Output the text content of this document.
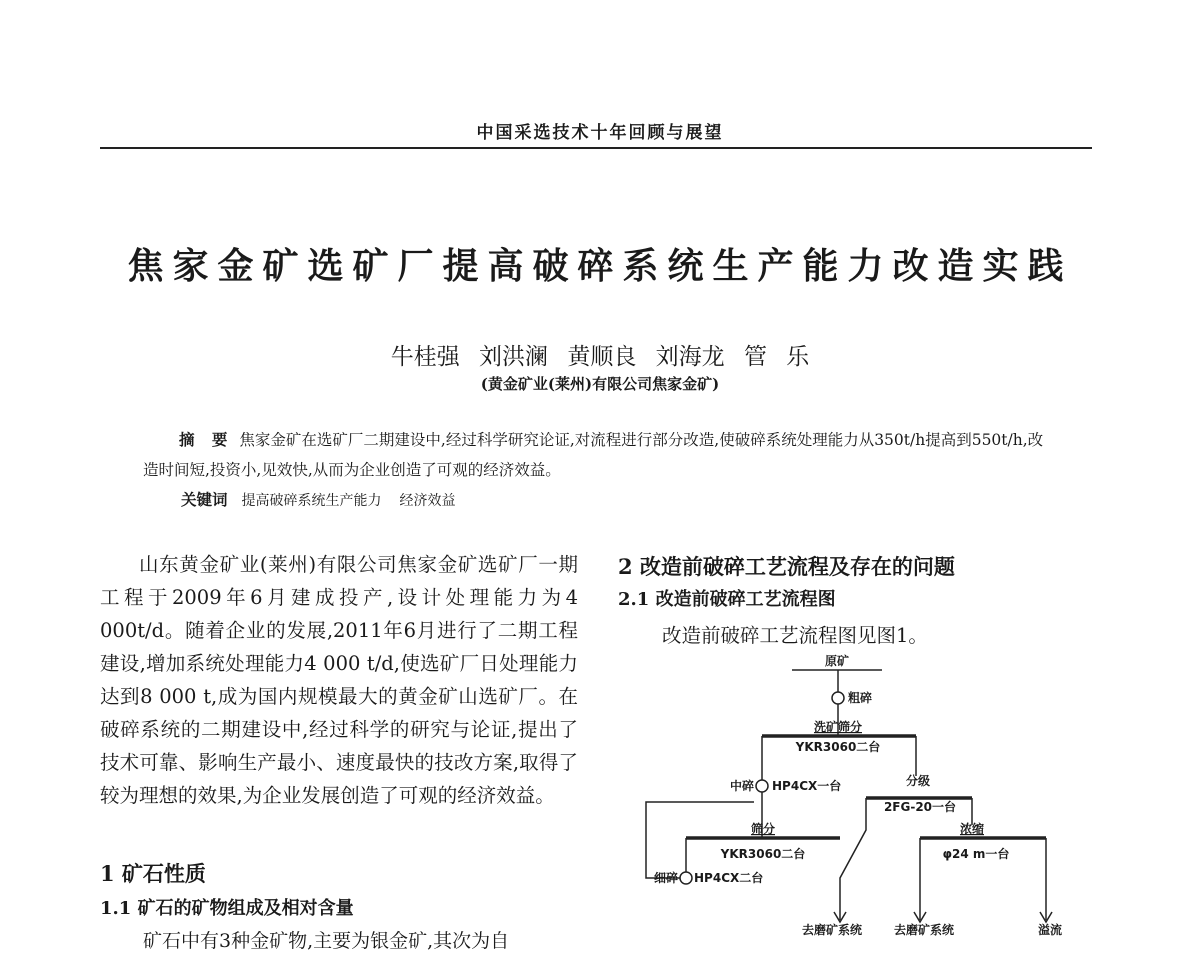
中国采选技术十年回顾与展望
焦家金矿选矿厂提高破碎系统生产能力改造实践
牛桂强 刘洪澜 黄顺良 刘海龙 管 乐
(黄金矿业(莱州)有限公司焦家金矿)
摘 要 焦家金矿在选矿厂二期建设中,经过科学研究论证,对流程进行部分改造,使破碎系统处理能力从350t/h提高到550t/h,改造时间短,投资小,见效快,从而为企业创造了可观的经济效益。
关键词 提高破碎系统生产能力 经济效益

山东黄金矿业(莱州)有限公司焦家金矿选矿厂一期工程于2009年6月建成投产,设计处理能力为4 000t/d。随着企业的发展,2011年6月进行了二期工程建设,增加系统处理能力4 000 t/d,使选矿厂日处理能力达到8 000 t,成为国内规模最大的黄金矿山选矿厂。在破碎系统的二期建设中,经过科学的研究与论证,提出了技术可靠、影响生产最小、速度最快的技改方案,取得了较为理想的效果,为企业发展创造了可观的经济效益。

1 矿石性质
1.1 矿石的矿物组成及相对含量
矿石中有3种金矿物,主要为银金矿,其次为自
2 改造前破碎工艺流程及存在的问题
2.1 改造前破碎工艺流程图
改造前破碎工艺流程图见图1。
原矿
粗碎
洗矿筛分
YKR3060二台
中碎 HP4CX一台	分级
2FG-20一台
筛分
YKR3060二台
细碎 HP4CX二台
浓缩
φ24 m一台
去磨矿系统	去磨矿系统	溢流
